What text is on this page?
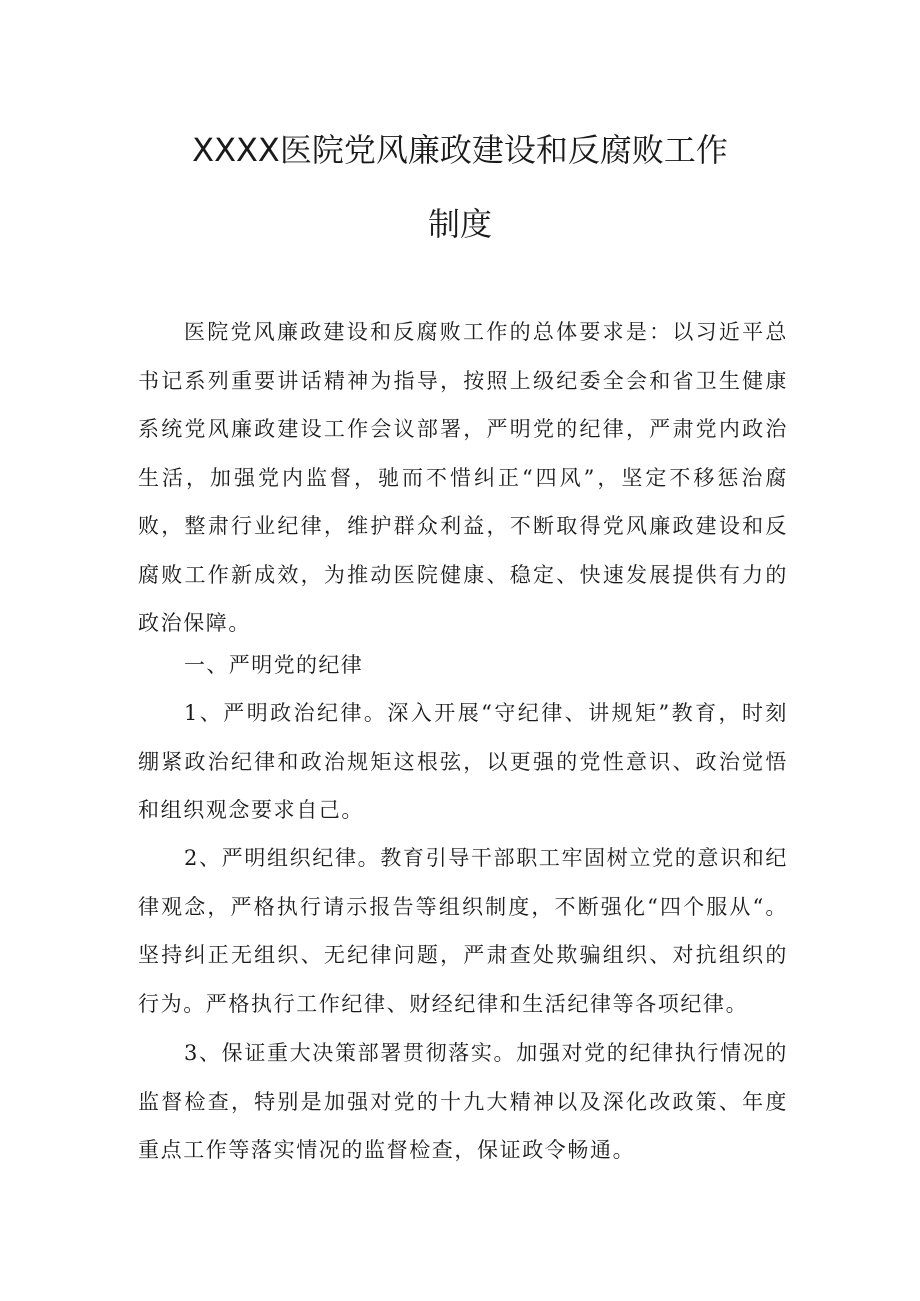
XXXX医院党风廉政建设和反腐败工作
制度

医院党风廉政建设和反腐败工作的总体要求是：以习近平总书记系列重要讲话精神为指导，按照上级纪委全会和省卫生健康系统党风廉政建设工作会议部署，严明党的纪律，严肃党内政治生活，加强党内监督，驰而不惜纠正“四风”，坚定不移惩治腐败，整肃行业纪律，维护群众利益，不断取得党风廉政建设和反腐败工作新成效，为推动医院健康、稳定、快速发展提供有力的政治保障。

一、严明党的纪律

1、严明政治纪律。深入开展“守纪律、讲规矩”教育，时刻绷紧政治纪律和政治规矩这根弦，以更强的党性意识、政治觉悟和组织观念要求自己。

2、严明组织纪律。教育引导干部职工牢固树立党的意识和纪律观念，严格执行请示报告等组织制度，不断强化“四个服从“。坚持纠正无组织、无纪律问题，严肃查处欺骗组织、对抗组织的行为。严格执行工作纪律、财经纪律和生活纪律等各项纪律。

3、保证重大决策部署贯彻落实。加强对党的纪律执行情况的监督检查，特别是加强对党的十九大精神以及深化改政策、年度重点工作等落实情况的监督检查，保证政令畅通。
